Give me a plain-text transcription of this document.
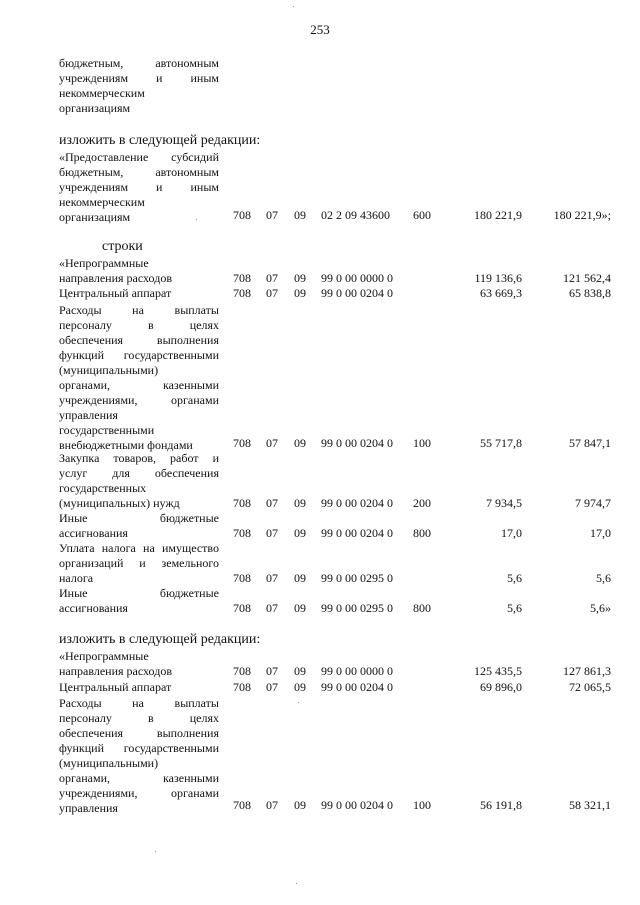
253
бюджетным, автономным
учреждениям и иным
некоммерческим
организациям
изложить в следующей редакции:
«Предоставление субсидий
бюджетным, автономным
учреждениям и иным
некоммерческим
организациям	708 07 09 02 2 09 43600 600	180 221,9	180 221,9»;
строки
«Непрограммные
направления расходов	708 07 09 99 0 00 0000 0	119 136,6	121 562,4
Центральный аппарат	708 07 09 99 0 00 0204 0	63 669,3	65 838,8
Расходы на выплаты
персоналу в целях
обеспечения выполнения
функций государственными
(муниципальными)
органами, казенными
учреждениями, органами
управления
государственными
внебюджетными фондами	708 07 09 99 0 00 0204 0 100	55 717,8	57 847,1
Закупка товаров, работ и
услуг для обеспечения
государственных
(муниципальных) нужд	708 07 09 99 0 00 0204 0 200	7 934,5	7 974,7
Иные бюджетные
ассигнования	708 07 09 99 0 00 0204 0 800	17,0	17,0
Уплата налога на имущество
организаций и земельного
налога	708 07 09 99 0 00 0295 0	5,6	5,6
Иные бюджетные
ассигнования	708 07 09 99 0 00 0295 0 800	5,6	5,6»
изложить в следующей редакции:
«Непрограммные
направления расходов	708 07 09 99 0 00 0000 0	125 435,5	127 861,3
Центральный аппарат	708 07 09 99 0 00 0204 0	69 896,0	72 065,5
Расходы на выплаты
персоналу в целях
обеспечения выполнения
функций государственными
(муниципальными)
органами, казенными
учреждениями, органами
управления	708 07 09 99 0 00 0204 0 100	56 191,8	58 321,1
